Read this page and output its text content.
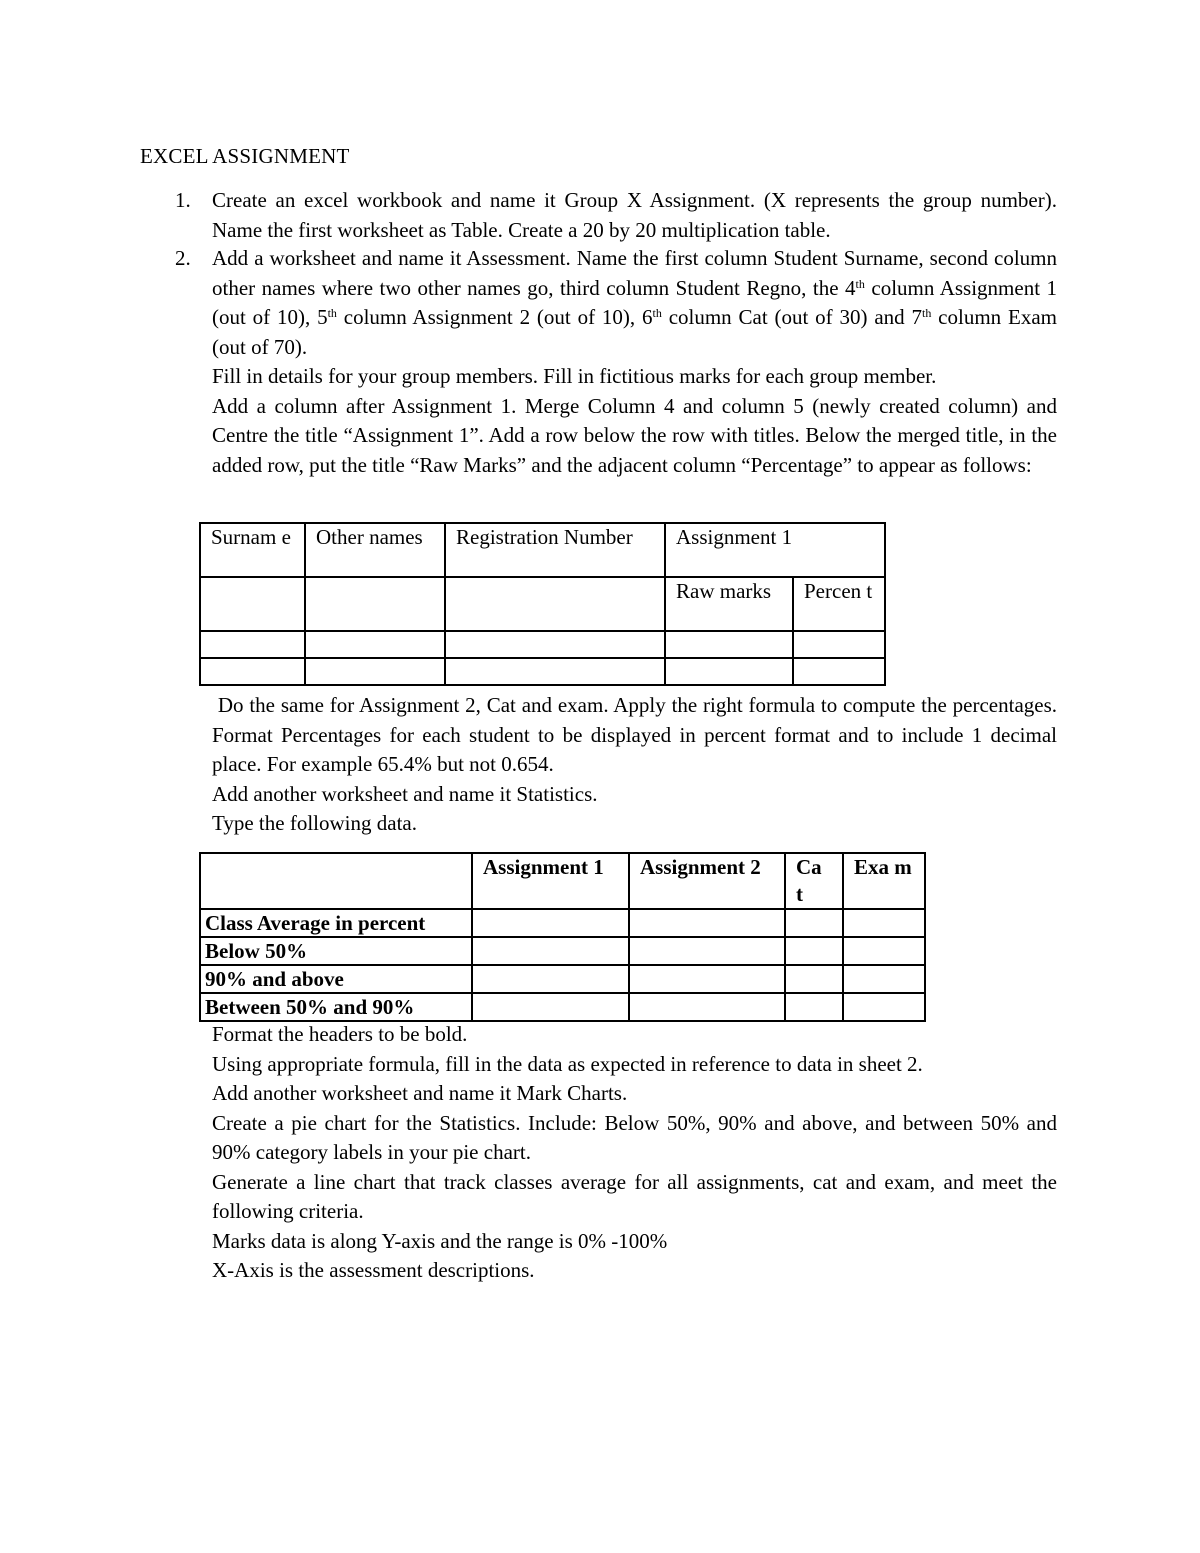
EXCEL ASSIGNMENT
1. Create an excel workbook and name it Group X Assignment. (X represents the group number). Name the first worksheet as Table. Create a 20 by 20 multiplication table.
2. Add a worksheet and name it Assessment. Name the first column Student Surname, second column other names where two other names go, third column Student Regno, the 4th column Assignment 1 (out of 10), 5th column Assignment 2 (out of 10), 6th column Cat (out of 30) and 7th column Exam (out of 70).

Fill in details for your group members. Fill in fictitious marks for each group member.

Add a column after Assignment 1. Merge Column 4 and column 5 (newly created column) and Centre the title “Assignment 1”. Add a row below the row with titles. Below the merged title, in the added row, put the title “Raw Marks” and the adjacent column “Percentage” to appear as follows:

Surnam e	Other names	Registration Number	Assignment 1	
			Raw marks	Percen t

Do the same for Assignment 2, Cat and exam. Apply the right formula to compute the percentages. Format Percentages for each student to be displayed in percent format and to include 1 decimal place. For example 65.4% but not 0.654.

Add another worksheet and name it Statistics.

Type the following data.

	Assignment 1	Assignment 2	Ca t	Exa m
Class Average in percent				
Below 50%				
90% and above				
Between 50% and 90%				

Format the headers to be bold.

Using appropriate formula, fill in the data as expected in reference to data in sheet 2.

Add another worksheet and name it Mark Charts.

Create a pie chart for the Statistics. Include: Below 50%, 90% and above, and between 50% and 90% category labels in your pie chart.

Generate a line chart that track classes average for all assignments, cat and exam, and meet the following criteria.

Marks data is along Y-axis and the range is 0% -100%

X-Axis is the assessment descriptions.
